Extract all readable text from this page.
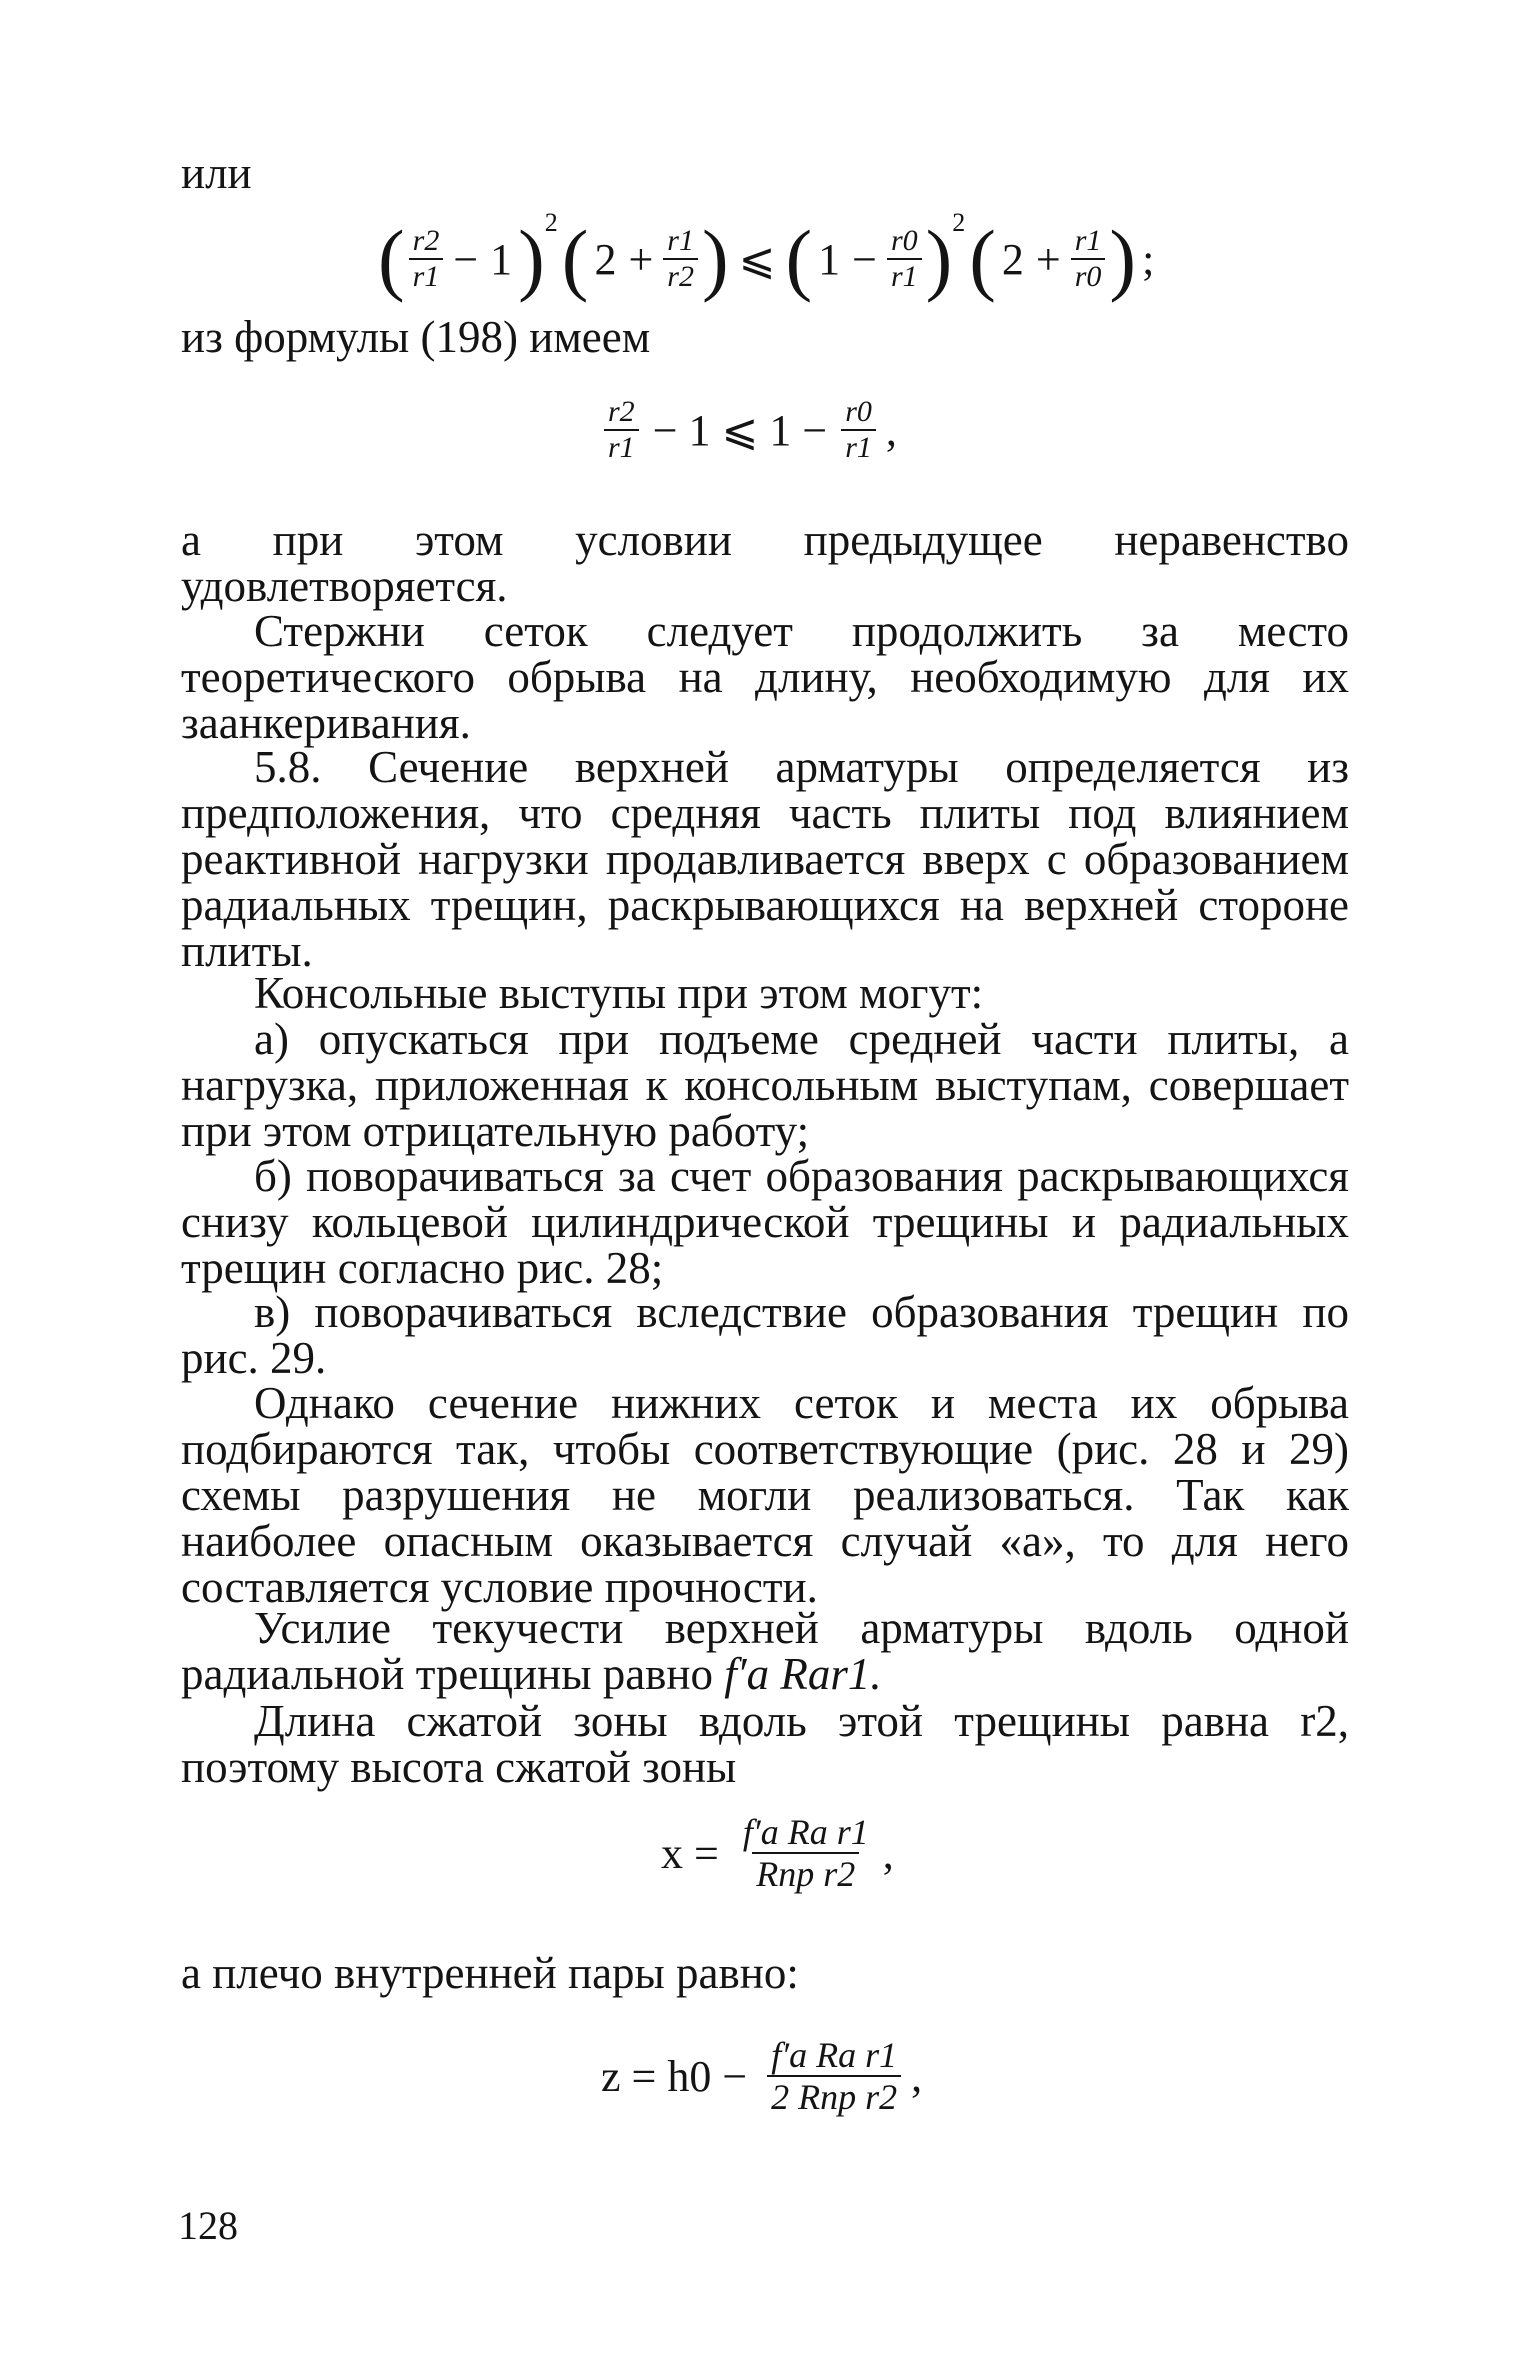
или

( $\frac{r2}{r1} - 1)2$ ( $2 + \frac{r1}{r2}$ ) ⩽ ( $1 - \frac{r0}{r1} )2$ ( $2 + \frac{r1}{r0}$ ) ;

из формулы (198) имеем

$\frac{r2}{r1} - 1$ ⩽ $1 - \frac{r0}{r1}$ ,

а при этом условии предыдущее неравенство удовлетворяется.

Стержни сеток следует продолжить за место теоретического обрыва на длину, необходимую для их заанкеривания.

5.8. Сечение верхней арматуры определяется из предположения, что средняя часть плиты под влиянием реактивной нагрузки продавливается вверх с образованием радиальных трещин, раскрывающихся на верхней стороне плиты.

Консольные выступы при этом могут:

а) опускаться при подъеме средней части плиты, а нагрузка, приложенная к консольным выступам, совершает при этом отрицательную работу;

б) поворачиваться за счет образования раскрывающихся снизу кольцевой цилиндрической трещины и радиальных трещин согласно рис. 28;

в) поворачиваться вследствие образования трещин по рис. 29.

Однако сечение нижних сеток и места их обрыва подбираются так, чтобы соответствующие (рис. 28 и 29) схемы разрушения не могли реализоваться. Так как наиболее опасным оказывается случай «а», то для него составляется условие прочности.

Усилие текучести верхней арматуры вдоль одной радиальной трещины равно f′a Rar1.

Длина сжатой зоны вдоль этой трещины равна r2, поэтому высота сжатой зоны

$x = \frac{\text{f′a Ra r1}}{\text{Rпр r2}}$ ,

а плечо внутренней пары равно:

$z = h0 - \frac{\text{f′a Ra r1}}{\text{2 Rпр r2}}$ ,
128
